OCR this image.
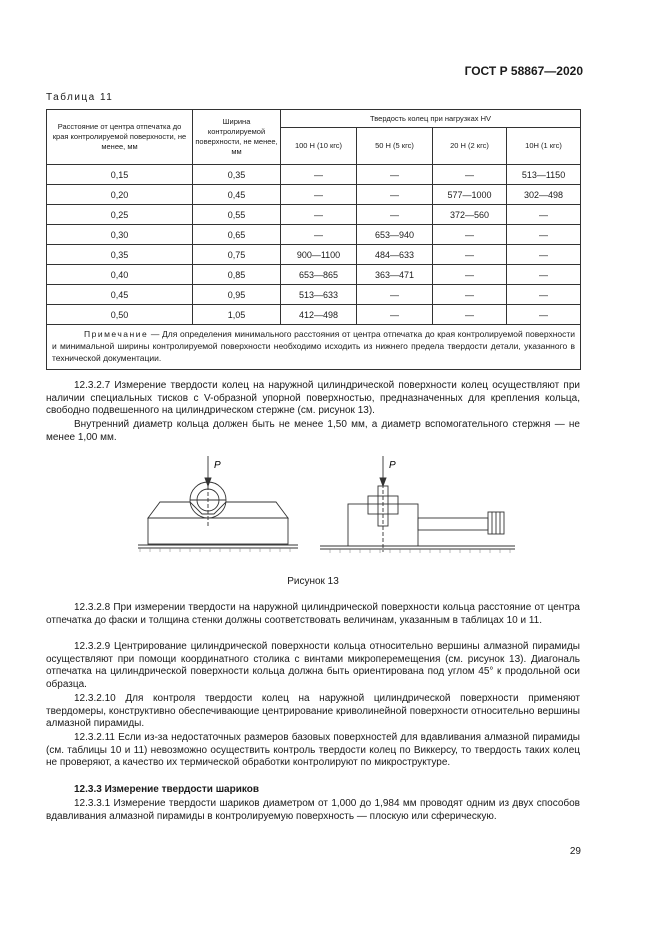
ГОСТ Р 58867—2020
Таблица 11
Расстояние от центра отпечатка до края контролируемой поверхности, не менее, мм	Ширина контролируемой поверхности, не менее, мм	Твердость колец при нагрузках HV			
		100 Н (10 кгс)	50 Н (5 кгс)	20 Н (2 кгс)	10Н (1 кгс)
0,15	0,35	—	—	—	513—1150
0,20	0,45	—	—	577—1000	302—498
0,25	0,55	—	—	372—560	—
0,30	0,65	—	653—940	—	—
0,35	0,75	900—1100	484—633	—	—
0,40	0,85	653—865	363—471	—	—
0,45	0,95	513—633	—	—	—
0,50	1,05	412—498	—	—	—
Примечание — Для определения минимального расстояния от центра отпечатка до края контролируемой поверхности и минимальной ширины контролируемой поверхности необходимо исходить из нижнего предела твердости детали, указанного в технической документации.					

12.3.2.7 Измерение твердости колец на наружной цилиндрической поверхности колец осуществляют при наличии специальных тисков с V-образной упорной поверхностью, предназначенных для крепления кольца, свободно подвешенного на цилиндрическом стержне (см. рисунок 13).

Внутренний диаметр кольца должен быть не менее 1,50 мм, а диаметр вспомогательного стержня — не менее 1,00 мм.

P	P
Рисунок 13

12.3.2.8 При измерении твердости на наружной цилиндрической поверхности кольца расстояние от центра отпечатка до фаски и толщина стенки должны соответствовать величинам, указанным в таблицах 10 и 11.

12.3.2.9 Центрирование цилиндрической поверхности кольца относительно вершины алмазной пирамиды осуществляют при помощи координатного столика с винтами микроперемещения (см. рисунок 13). Диагональ отпечатка на цилиндрической поверхности кольца должна быть ориентирована под углом 45° к продольной оси образца.

12.3.2.10 Для контроля твердости колец на наружной цилиндрической поверхности применяют твердомеры, конструктивно обеспечивающие центрирование криволинейной поверхности относительно вершины алмазной пирамиды.

12.3.2.11 Если из-за недостаточных размеров базовых поверхностей для вдавливания алмазной пирамиды (см. таблицы 10 и 11) невозможно осуществить контроль твердости колец по Виккерсу, то твердость таких колец не проверяют, а качество их термической обработки контролируют по микроструктуре.

12.3.3 Измерение твердости шариков

12.3.3.1 Измерение твердости шариков диаметром от 1,000 до 1,984 мм проводят одним из двух способов вдавливания алмазной пирамиды в контролируемую поверхность — плоскую или сферическую.

29
